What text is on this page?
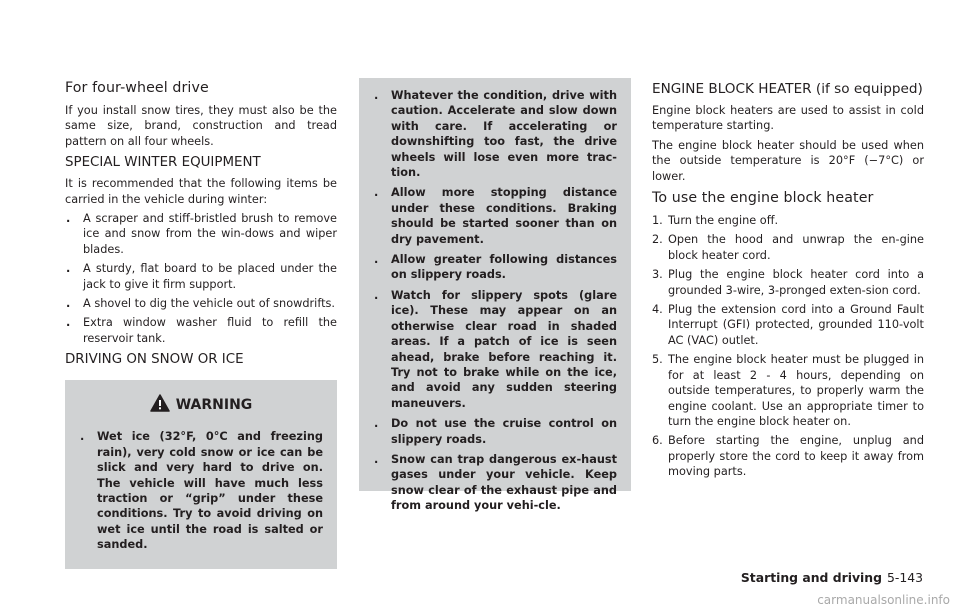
For four-wheel drive

If you install snow tires, they must also be the same size, brand, construction and tread pattern on all four wheels.

SPECIAL WINTER EQUIPMENT

It is recommended that the following items be carried in the vehicle during winter:

. A scraper and stiff-bristled brush to remove ice and snow from the win-dows and wiper blades.
. A sturdy, flat board to be placed under the jack to give it firm support.
. A shovel to dig the vehicle out of snowdrifts.
. Extra window washer fluid to refill the reservoir tank.
DRIVING ON SNOW OR ICE
WARNING
. Wet ice (32°F, 0°C and freezing rain), very cold snow or ice can be slick and very hard to drive on. The vehicle will have much less traction or “grip” under these conditions. Try to avoid driving on wet ice until the road is salted or sanded.
. Whatever the condition, drive with caution. Accelerate and slow down with care. If accelerating or downshifting too fast, the drive wheels will lose even more trac-tion.
. Allow more stopping distance under these conditions. Braking should be started sooner than on dry pavement.
. Allow greater following distances on slippery roads.
. Watch for slippery spots (glare ice). These may appear on an otherwise clear road in shaded areas. If a patch of ice is seen ahead, brake before reaching it. Try not to brake while on the ice, and avoid any sudden steering maneuvers.
. Do not use the cruise control on slippery roads.
. Snow can trap dangerous ex-haust gases under your vehicle. Keep snow clear of the exhaust pipe and from around your vehi-cle.
ENGINE BLOCK HEATER (if so equipped)

Engine block heaters are used to assist in cold temperature starting.

The engine block heater should be used when the outside temperature is 20°F (−7°C) or lower.

To use the engine block heater
1. Turn the engine off.
2. Open the hood and unwrap the en-gine block heater cord.
3. Plug the engine block heater cord into a grounded 3-wire, 3-pronged exten-sion cord.
4. Plug the extension cord into a Ground Fault Interrupt (GFI) protected, grounded 110-volt AC (VAC) outlet.
5. The engine block heater must be plugged in for at least 2 - 4 hours, depending on outside temperatures, to properly warm the engine coolant. Use an appropriate timer to turn the engine block heater on.
6. Before starting the engine, unplug and properly store the cord to keep it away from moving parts.
Starting and driving 5-143
carmanualsonline.info
